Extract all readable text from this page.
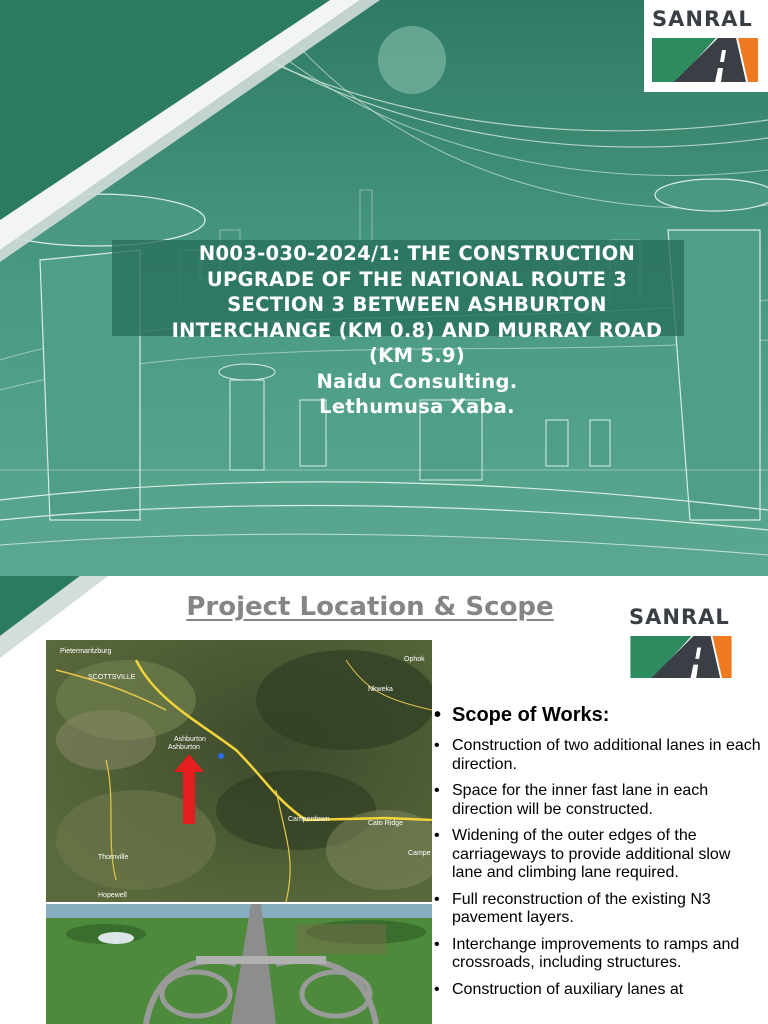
SANRAL
N003-030-2024/1: THE CONSTRUCTION
UPGRADE OF THE NATIONAL ROUTE 3
SECTION 3 BETWEEN ASHBURTON
INTERCHANGE (KM 0.8) AND MURRAY ROAD
(KM 5.9)
Naidu Consulting.
Lethumusa Xaba.
Project Location & Scope	SANRAL
Pietermaritzburg
SCOTTSVILLE
Ashburton
Ashburton
Nkweka
Camperdown
Cato Ridge
Thornville
Ophok
Campe
Hopewell
• Scope of Works:
• Construction of two additional lanes in each direction.
• Space for the inner fast lane in each direction will be constructed.
• Widening of the outer edges of the carriageways to provide additional slow lane and climbing lane required.
• Full reconstruction of the existing N3 pavement layers.
• Interchange improvements to ramps and crossroads, including structures.
• Construction of auxiliary lanes at
